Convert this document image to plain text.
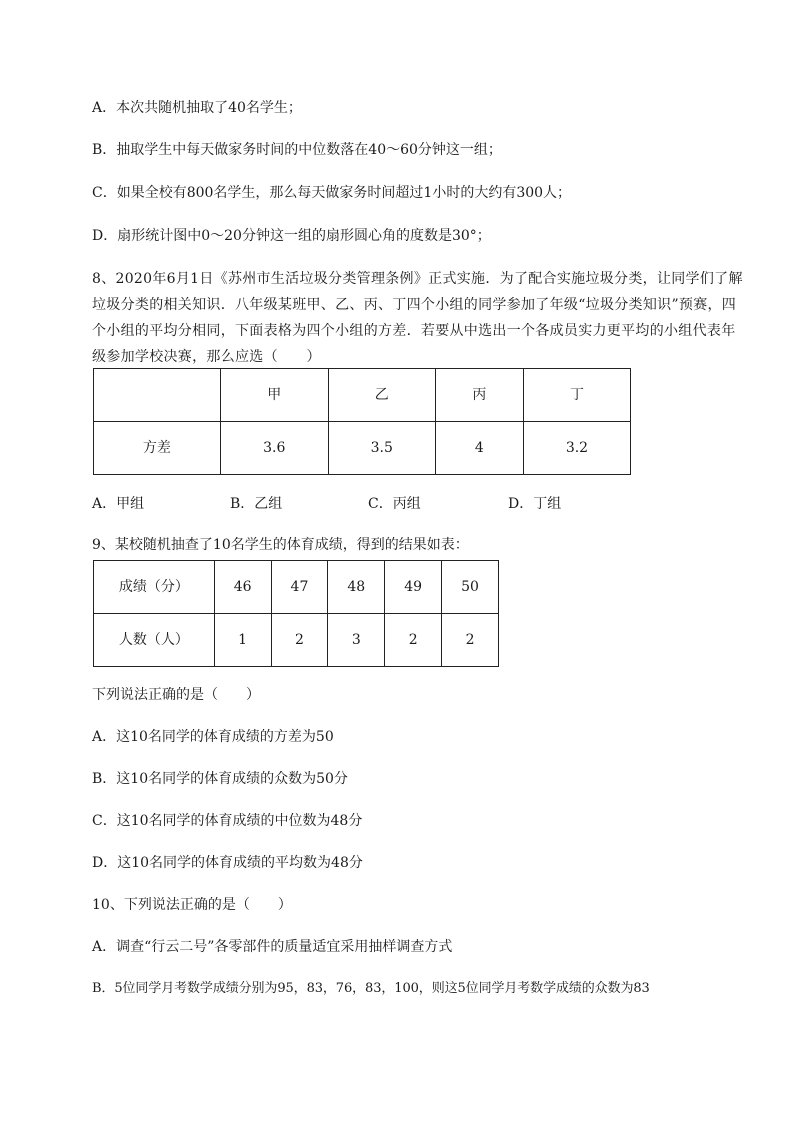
A．本次共随机抽取了40名学生；
B．抽取学生中每天做家务时间的中位数落在40～60分钟这一组；
C．如果全校有800名学生，那么每天做家务时间超过1小时的大约有300人；
D．扇形统计图中0～20分钟这一组的扇形圆心角的度数是30°；
8、2020年6月1日《苏州市生活垃圾分类管理条例》正式实施．为了配合实施垃圾分类，让同学们了解垃圾分类的相关知识．八年级某班甲、乙、丙、丁四个小组的同学参加了年级“垃圾分类知识”预赛，四个小组的平均分相同，下面表格为四个小组的方差．若要从中选出一个各成员实力更平均的小组代表年级参加学校决赛，那么应选（　　）
	甲	乙	丙	丁
方差	3.6	3.5	4	3.2
A．甲组	B．乙组	C．丙组	D．丁组
9、某校随机抽查了10名学生的体育成绩，得到的结果如表：
成绩（分）	46	47	48	49	50
人数（人）	1	2	3	2	2
下列说法正确的是（　　）
A．这10名同学的体育成绩的方差为50
B．这10名同学的体育成绩的众数为50分
C．这10名同学的体育成绩的中位数为48分
D．这10名同学的体育成绩的平均数为48分
10、下列说法正确的是（　　）
A．调查“行云二号”各零部件的质量适宜采用抽样调查方式
B．5位同学月考数学成绩分别为95，83，76，83，100，则这5位同学月考数学成绩的众数为83
